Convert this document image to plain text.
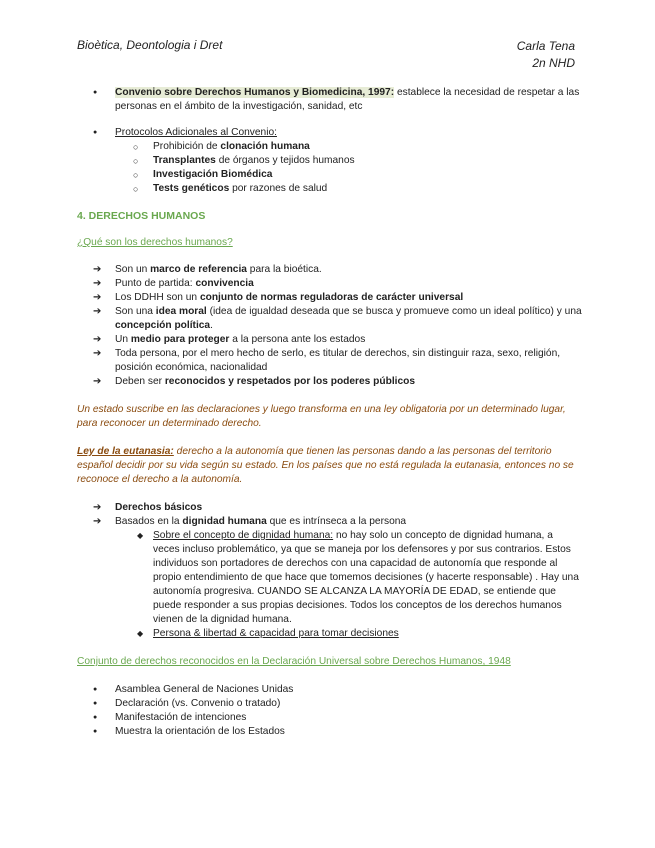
Bioètica, Deontologia i Dret	Carla Tena
2n NHD
● Convenio sobre Derechos Humanos y Biomedicina, 1997: establece la necesidad de respetar a las personas en el ámbito de la investigación, sanidad, etc
● Protocolos Adicionales al Convenio:
○ Prohibición de clonación humana
○ Transplantes de órganos y tejidos humanos
○ Investigación Biomédica
○ Tests genéticos por razones de salud
4. DERECHOS HUMANOS
¿Qué son los derechos humanos?
➔ Son un marco de referencia para la bioética.
➔ Punto de partida: convivencia
➔ Los DDHH son un conjunto de normas reguladoras de carácter universal
➔ Son una idea moral (idea de igualdad deseada que se busca y promueve como un ideal político) y una concepción política.
➔ Un medio para proteger a la persona ante los estados
➔ Toda persona, por el mero hecho de serlo, es titular de derechos, sin distinguir raza, sexo, religión, posición económica, nacionalidad
➔ Deben ser reconocidos y respetados por los poderes públicos

Un estado suscribe en las declaraciones y luego transforma en una ley obligatoria por un determinado lugar, para reconocer un determinado derecho.

Ley de la eutanasia: derecho a la autonomía que tienen las personas dando a las personas del territorio español decidir por su vida según su estado. En los países que no está regulada la eutanasia, entonces no se reconoce el derecho a la autonomía.

➔ Derechos básicos
➔ Basados en la dignidad humana que es intrínseca a la persona
◆ Sobre el concepto de dignidad humana: no hay solo un concepto de dignidad humana, a veces incluso problemático, ya que se maneja por los defensores y por sus contrarios. Estos individuos son portadores de derechos con una capacidad de autonomía que responde al propio entendimiento de que hace que tomemos decisiones (y hacerte responsable) . Hay una autonomía progresiva. CUANDO SE ALCANZA LA MAYORÍA DE EDAD, se entiende que puede responder a sus propias decisiones. Todos los conceptos de los derechos humanos vienen de la dignidad humana.
◆ Persona & libertad & capacidad para tomar decisiones
Conjunto de derechos reconocidos en la Declaración Universal sobre Derechos Humanos, 1948
● Asamblea General de Naciones Unidas
● Declaración (vs. Convenio o tratado)
● Manifestación de intenciones
● Muestra la orientación de los Estados
